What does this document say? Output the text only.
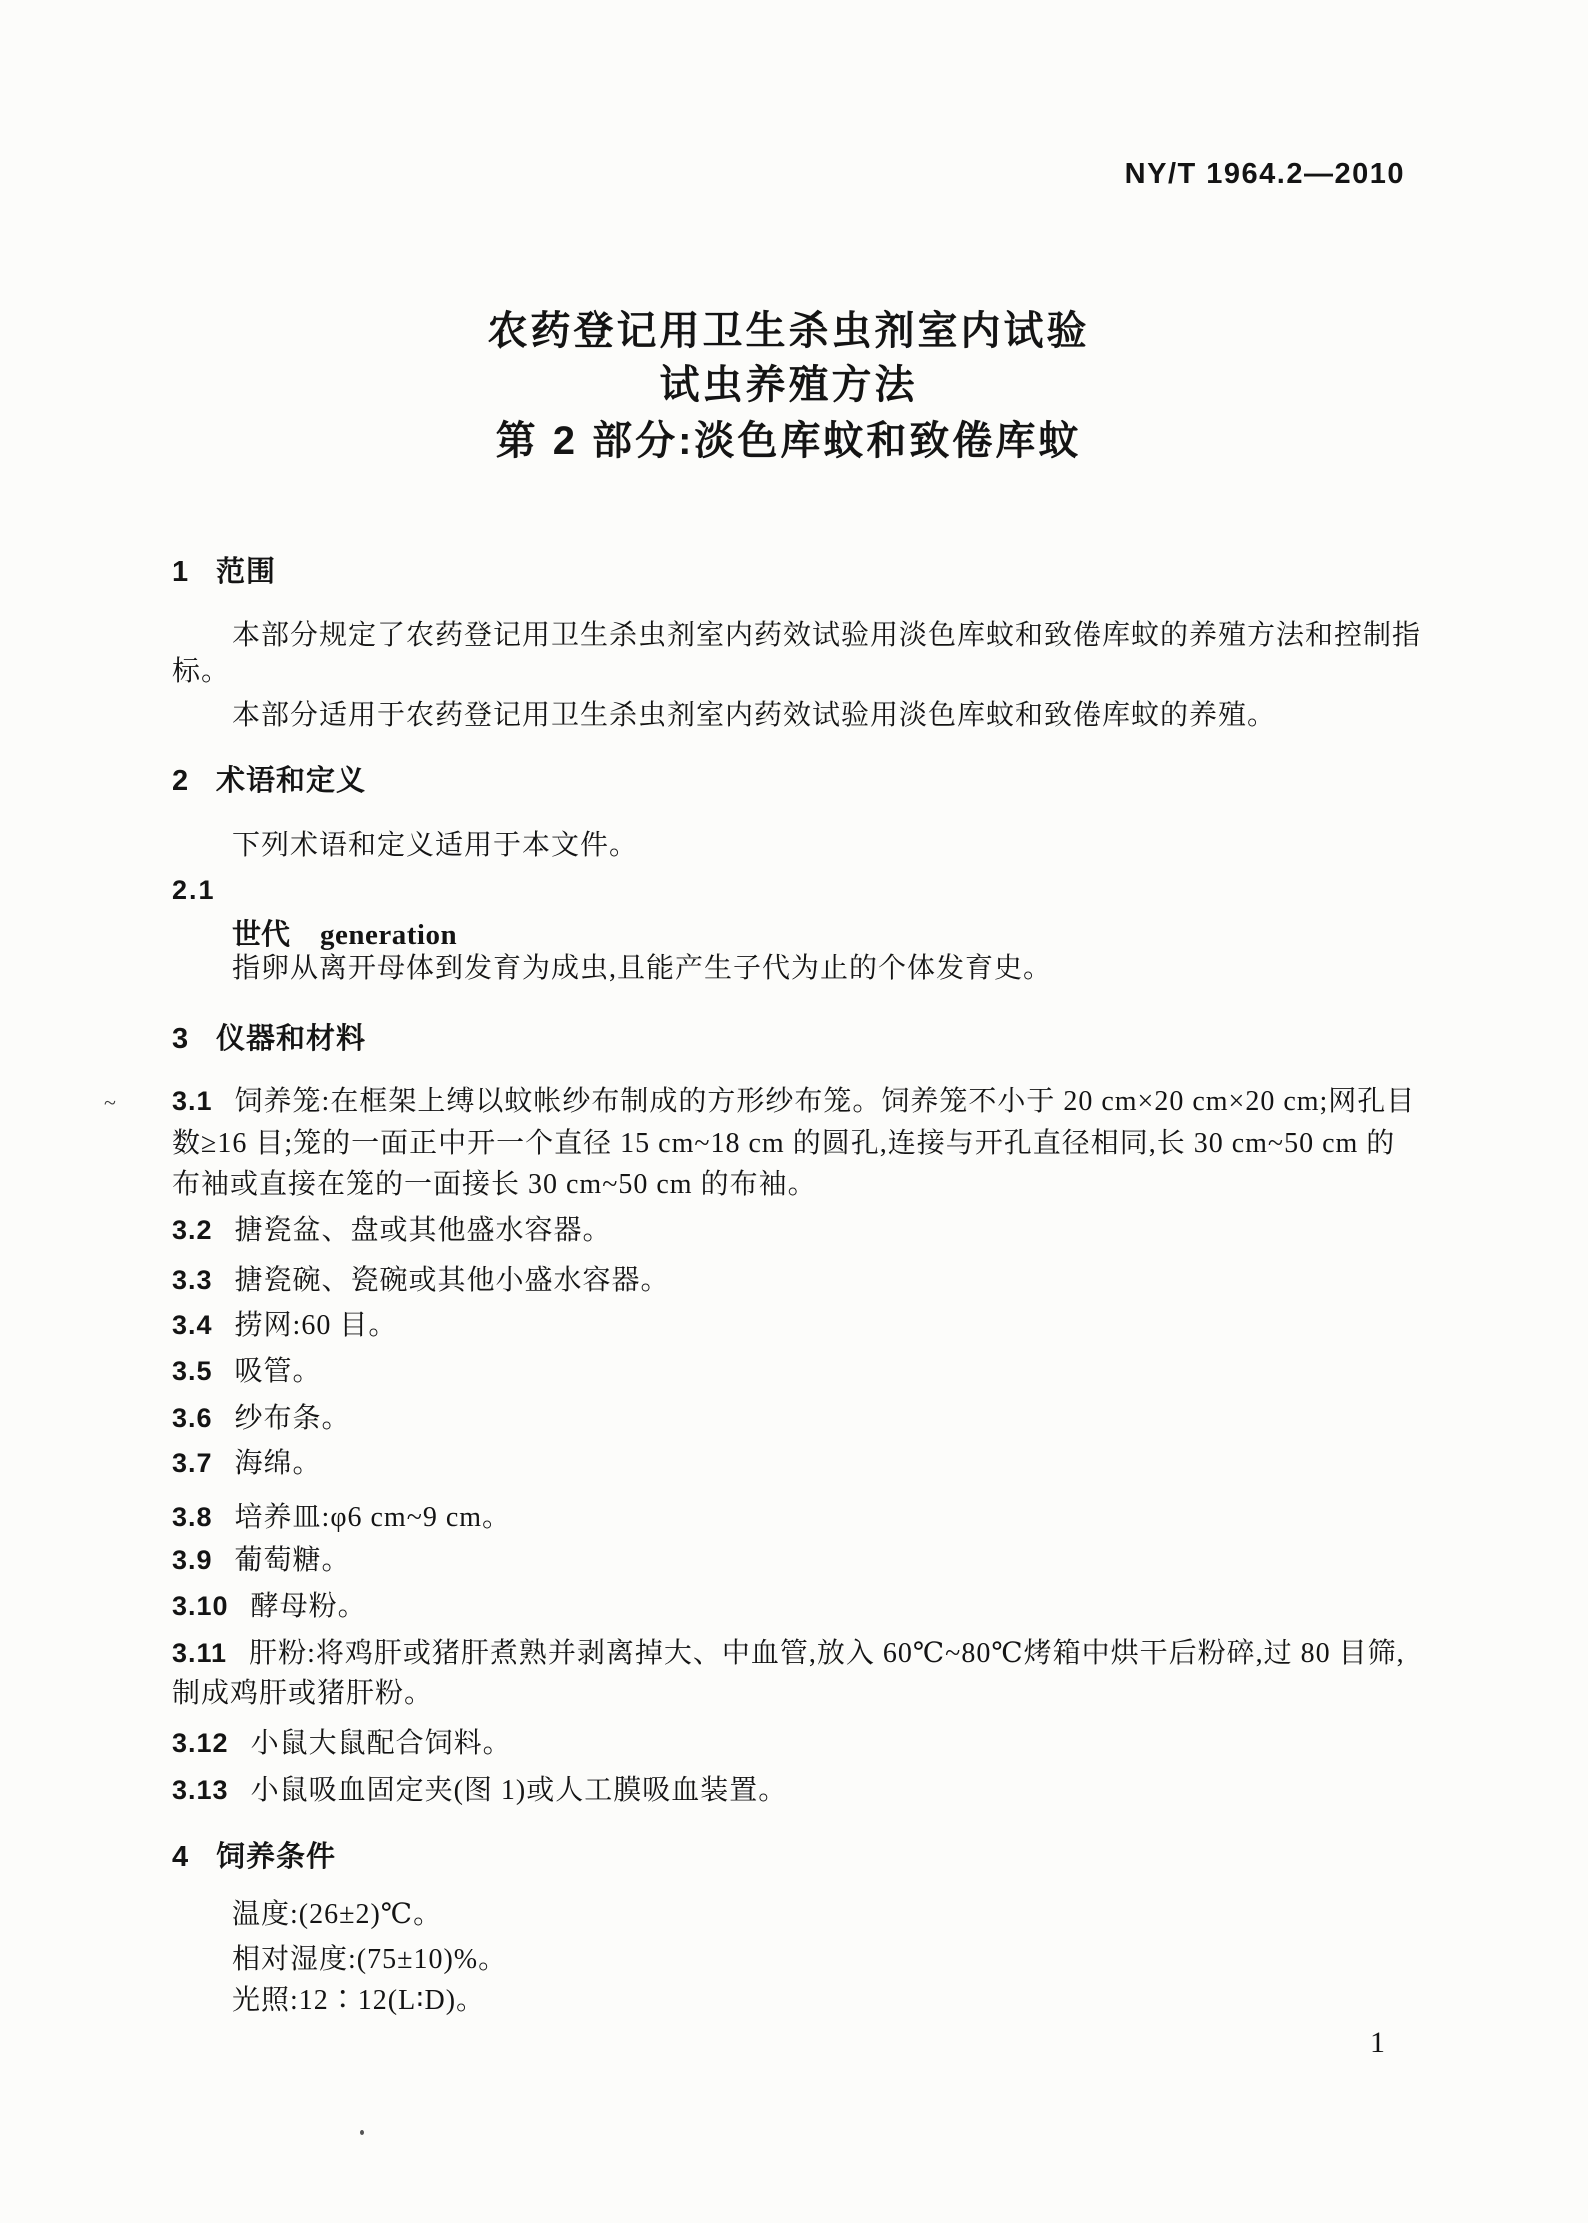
NY/T 1964.2—2010
农药登记用卫生杀虫剂室内试验
试虫养殖方法
第 2 部分:淡色库蚊和致倦库蚊
1 范围
本部分规定了农药登记用卫生杀虫剂室内药效试验用淡色库蚊和致倦库蚊的养殖方法和控制指
标。
本部分适用于农药登记用卫生杀虫剂室内药效试验用淡色库蚊和致倦库蚊的养殖。
2 术语和定义
下列术语和定义适用于本文件。
2.1
世代 generation
指卵从离开母体到发育为成虫,且能产生子代为止的个体发育史。
3 仪器和材料
~ 3.1 饲养笼:在框架上缚以蚊帐纱布制成的方形纱布笼。饲养笼不小于 20 cm×20 cm×20 cm;网孔目
数≥16 目;笼的一面正中开一个直径 15 cm~18 cm 的圆孔,连接与开孔直径相同,长 30 cm~50 cm 的
布袖或直接在笼的一面接长 30 cm~50 cm 的布袖。
3.2 搪瓷盆、盘或其他盛水容器。
3.3 搪瓷碗、瓷碗或其他小盛水容器。
3.4 捞网:60 目。
3.5 吸管。
3.6 纱布条。
3.7 海绵。
3.8 培养皿:φ6 cm~9 cm。
3.9 葡萄糖。
3.10 酵母粉。
3.11 肝粉:将鸡肝或猪肝煮熟并剥离掉大、中血管,放入 60℃~80℃烤箱中烘干后粉碎,过 80 目筛,
制成鸡肝或猪肝粉。
3.12 小鼠大鼠配合饲料。
3.13 小鼠吸血固定夹(图 1)或人工膜吸血装置。
4 饲养条件
温度:(26±2)℃。
相对湿度:(75±10)%。
光照:12∶12(L∶D)。
1
